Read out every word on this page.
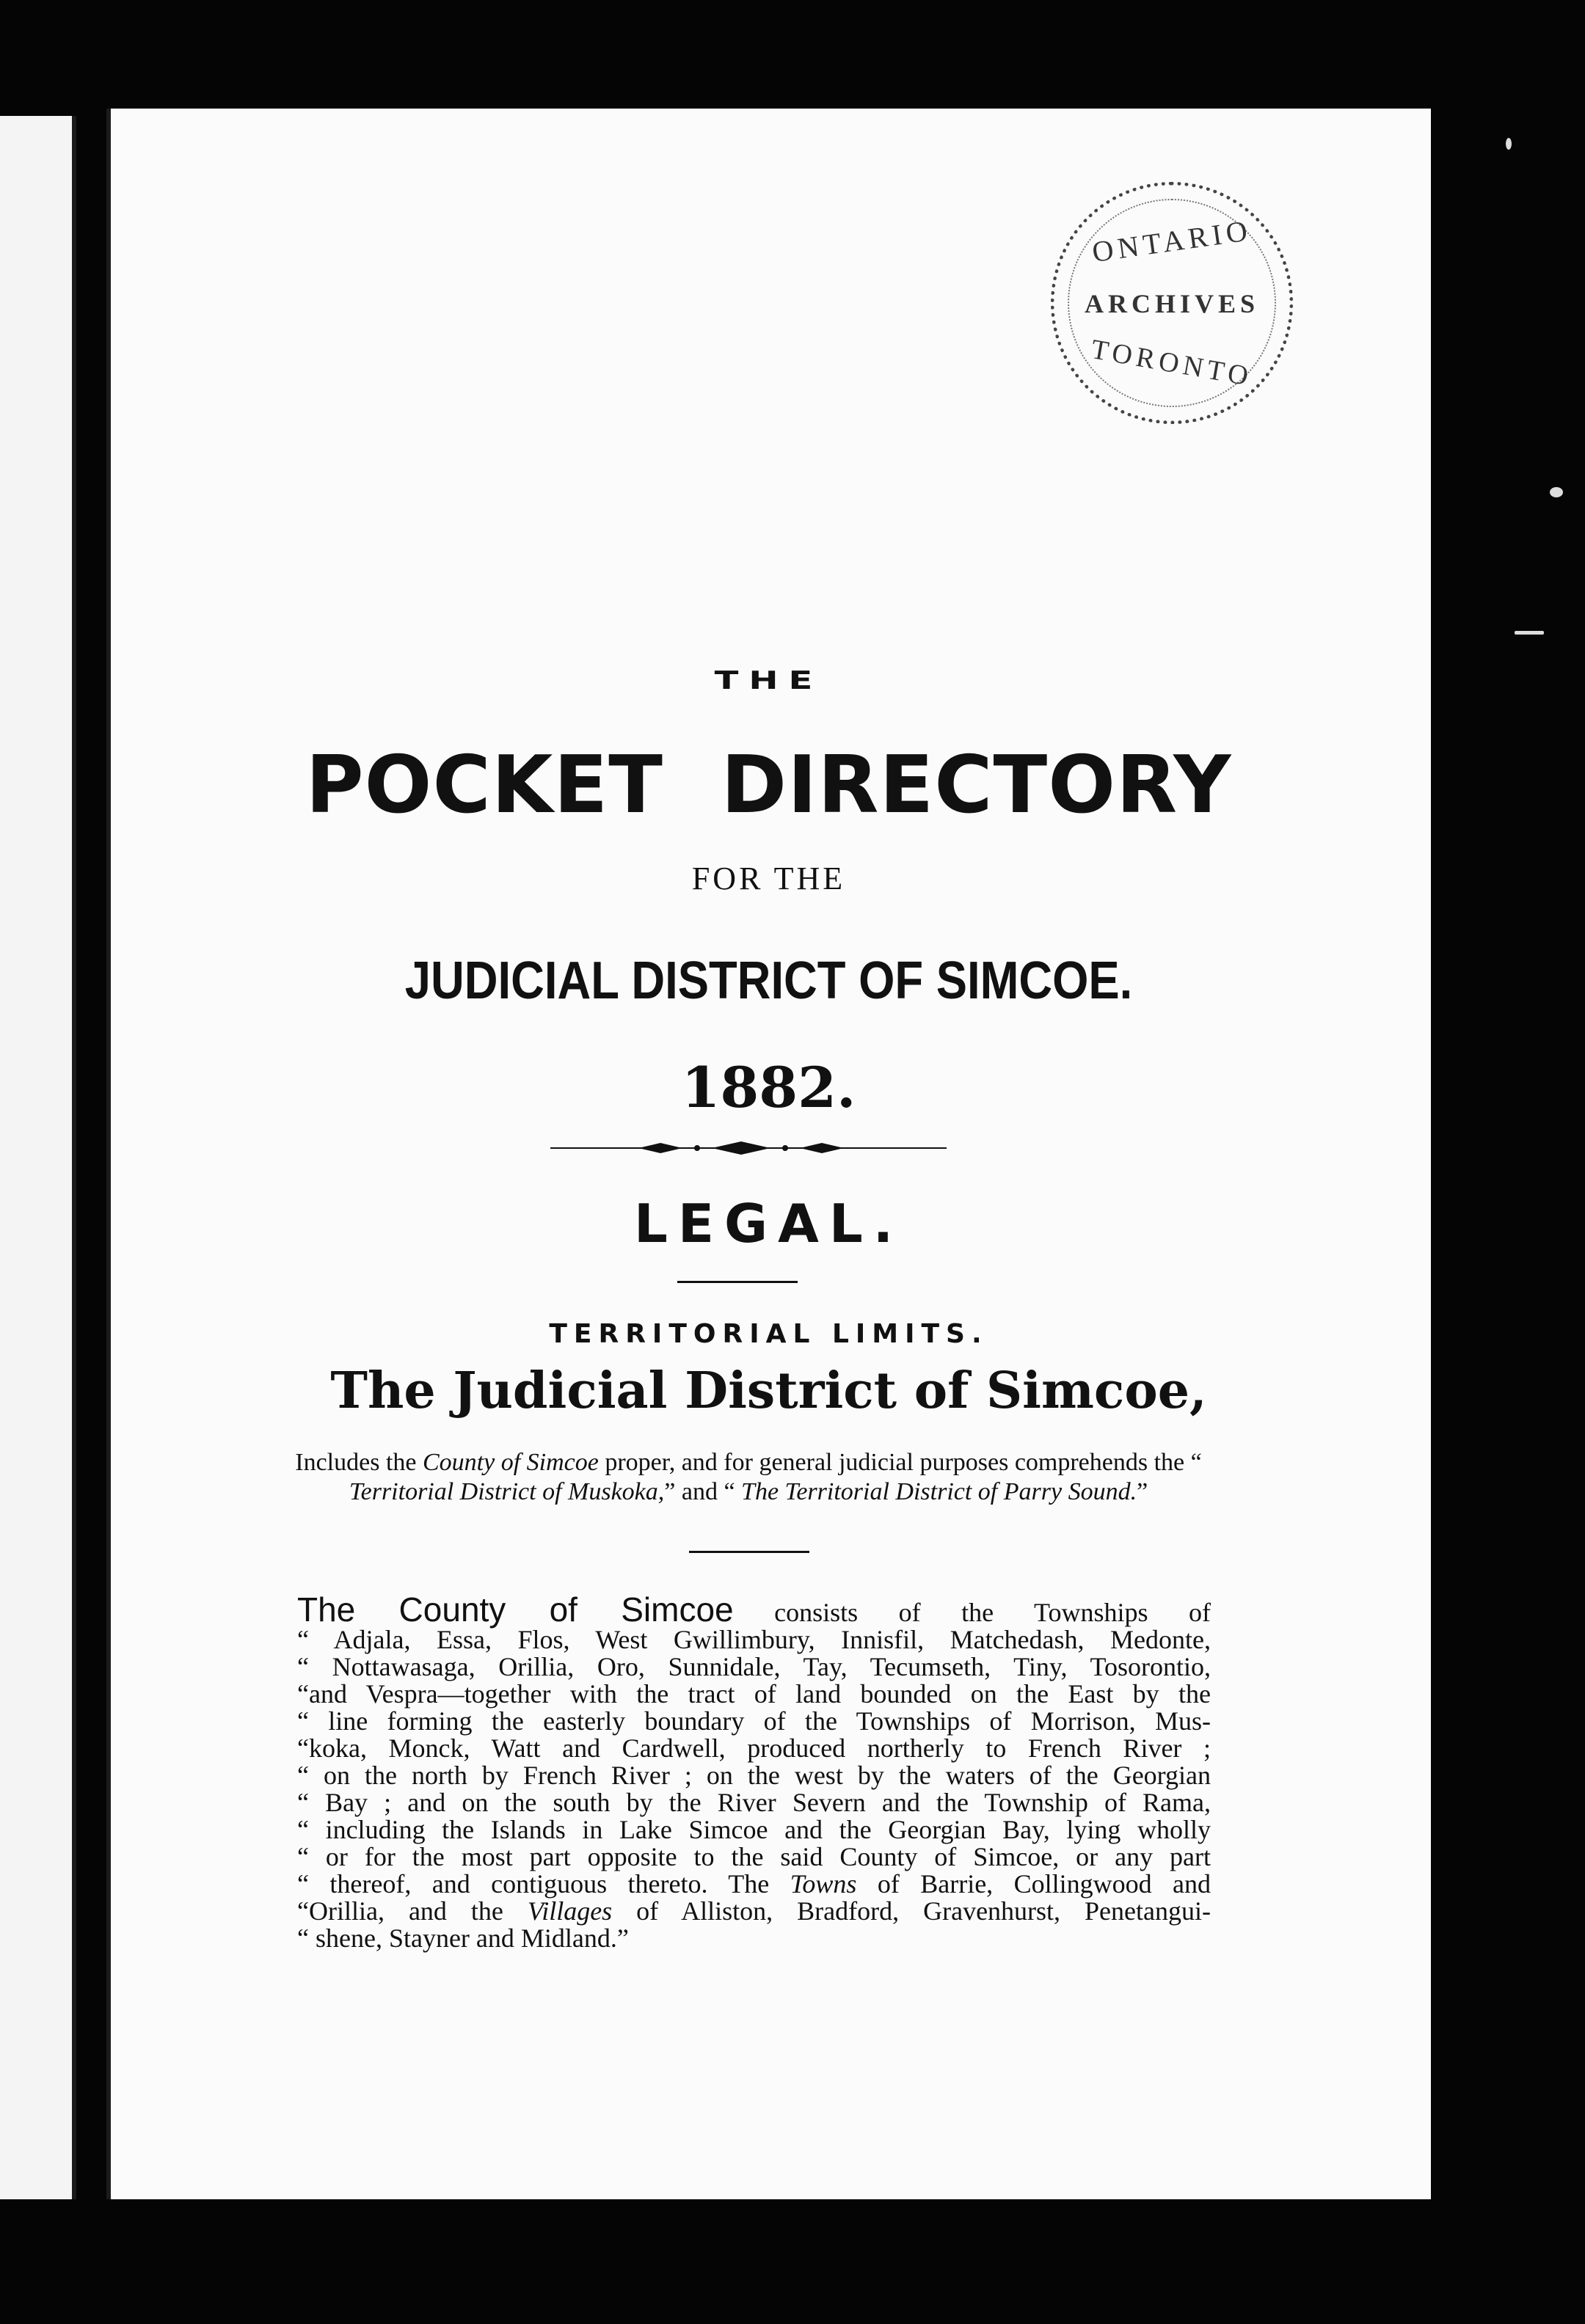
ONTARIO
ARCHIVES
TORONTO
THE
POCKET DIRECTORY
FOR THE
JUDICIAL DISTRICT OF SIMCOE.
1882.
LEGAL.
TERRITORIAL LIMITS.
The Judicial District of Simcoe,
Includes the County of Simcoe proper, and for general judicial purposes comprehends the “ Territorial District of Muskoka,” and “ The Territorial District of Parry Sound.”
The County of Simcoe consists of the Townships of
“ Adjala, Essa, Flos, West Gwillimbury, Innisfil, Matchedash, Medonte,
“ Nottawasaga, Orillia, Oro, Sunnidale, Tay, Tecumseth, Tiny, Tosorontio,
“and Vespra—together with the tract of land bounded on the East by the
“ line forming the easterly boundary of the Townships of Morrison, Mus-
“koka, Monck, Watt and Cardwell, produced northerly to French River ;
“ on the north by French River ; on the west by the waters of the Georgian
“ Bay ; and on the south by the River Severn and the Township of Rama,
“ including the Islands in Lake Simcoe and the Georgian Bay, lying wholly
“ or for the most part opposite to the said County of Simcoe, or any part
“ thereof, and contiguous thereto. The Towns of Barrie, Collingwood and
“Orillia, and the Villages of Alliston, Bradford, Gravenhurst, Penetangui-
“ shene, Stayner and Midland.”
